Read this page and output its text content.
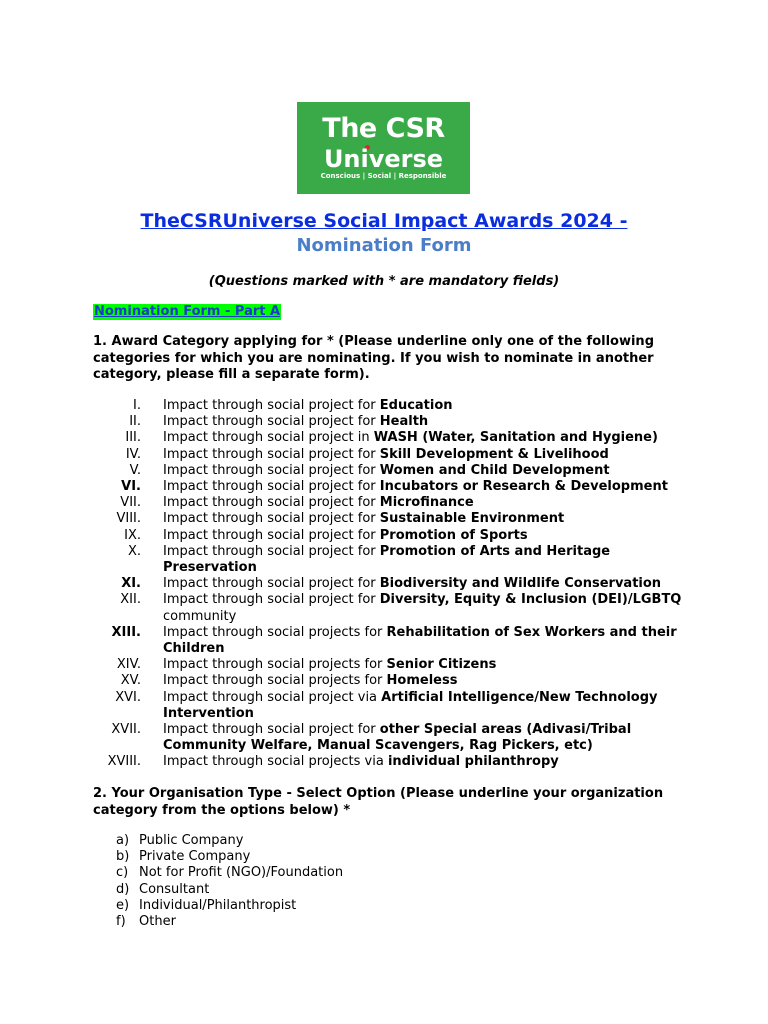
The CSR
Universe
Conscious | Social | Responsible
TheCSRUniverse Social Impact Awards 2024 -
Nomination Form
(Questions marked with * are mandatory fields)
Nomination Form - Part A
1. Award Category applying for * (Please underline only one of the following categories for which you are nominating. If you wish to nominate in another category, please fill a separate form).
I. Impact through social project for Education
II. Impact through social project for Health
III. Impact through social project in WASH (Water, Sanitation and Hygiene)
IV. Impact through social project for Skill Development & Livelihood
V. Impact through social project for Women and Child Development
VI. Impact through social project for Incubators or Research & Development
VII. Impact through social project for Microfinance
VIII. Impact through social project for Sustainable Environment
IX. Impact through social project for Promotion of Sports
X. Impact through social project for Promotion of Arts and Heritage Preservation
XI. Impact through social project for Biodiversity and Wildlife Conservation
XII. Impact through social project for Diversity, Equity & Inclusion (DEI)/LGBTQ community
XIII. Impact through social projects for Rehabilitation of Sex Workers and their Children
XIV. Impact through social projects for Senior Citizens
XV. Impact through social projects for Homeless
XVI. Impact through social project via Artificial Intelligence/New Technology Intervention
XVII. Impact through social project for other Special areas (Adivasi/Tribal Community Welfare, Manual Scavengers, Rag Pickers, etc)
XVIII. Impact through social projects via individual philanthropy
2. Your Organisation Type - Select Option (Please underline your organization category from the options below) *
a) Public Company
b) Private Company
c) Not for Profit (NGO)/Foundation
d) Consultant
e) Individual/Philanthropist
f) Other
